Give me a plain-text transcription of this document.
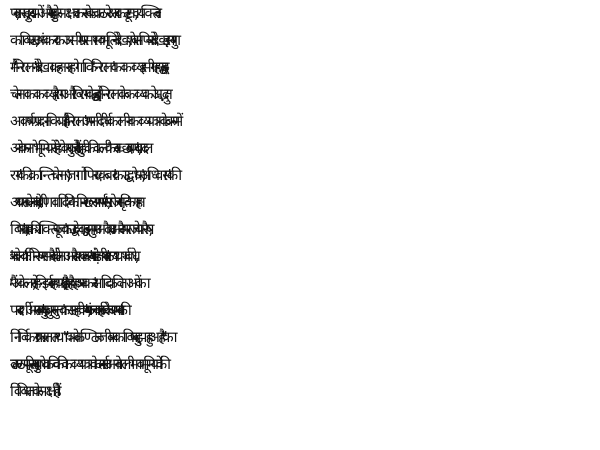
पन, त्रास, दुःस्वप्नों और मृत्यु के साक्षात्कार से वज्र कठोर अतर का टूटना, व्यक्तित्व
का विघटन, अंधकार का असीम प्रसार भवभूति ने देखा, शेक्सपियर ने देखा, इस युग
में 'निराला' ने देखा। कहना न होगा कि 'निराला' का काव्य इसी गहन द्वन्द्व-
चेतना का काव्य है। राग और विराग के द्वन्द्व ने निराला के काव्य को अद्भुत
आकर्षण प्रदान किया है। 'निराला' अपनी दीर्घकालीन काव्य-यात्रा के क्रम में
अनेक मनोभूमियों से होकर गुजरे हैं। 'जुही की कली' का स्वच्छन्द प्रणय, 'बादल
राग' की क्रान्तिचेतना, 'जागो फिर एक बार' का उद्बोधन, 'अधिवास' की
अध्यात्मचेतना, 'वर दे वीणावादिनि' का निश्छल समर्पण, 'सरोजस्मृति' का गहन
विषाद, 'राम की शक्ति-पूजा' का उद्वेलक द्वन्द्व, अनुपम औदात्य और अपराजेय पौरुष,
'वनबेला' की निरुपम सौन्दर्य चेतना और सशक्त व्यंग्य. 'तोड़ती पत्थर' का यथार्थबोध,
'मैं अकेला, स्नेह निर्झर बह गया है', 'गहन है यह अन्धकार' आदि कविताओं का
पारदर्शी आत्मकथ्य, 'कुकुरमुत्ता' का सतही व्यंग्य, 'भजन कर हरि के चरण मन' की
निर्विकार प्रपन्नता तथा "पत्रोत्कण्ठित जीवन का विष बुझा हुआ है" का
उत्कण्ठा-पूरित मृत्यु-बोध कवि की काव्ययात्रा के अन्तर्गत आने वाली भावभूमियों की
विविधता के साक्षी हैं।
